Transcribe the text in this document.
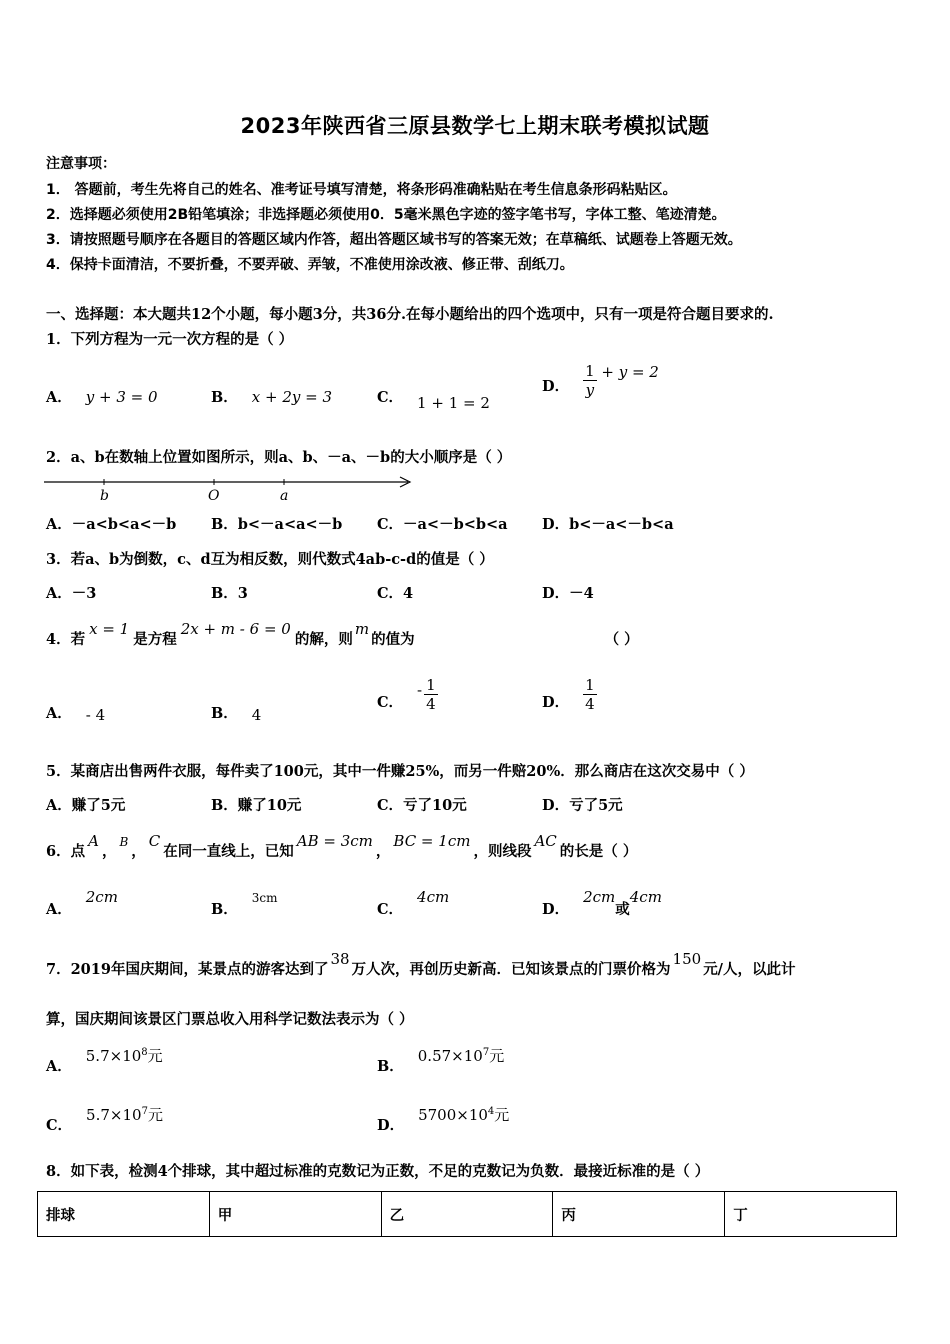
2023年陕西省三原县数学七上期末联考模拟试题
注意事项：
1． 答题前，考生先将自己的姓名、准考证号填写清楚，将条形码准确粘贴在考生信息条形码粘贴区。
2．选择题必须使用2B铅笔填涂；非选择题必须使用0．5毫米黑色字迹的签字笔书写，字体工整、笔迹清楚。
3．请按照题号顺序在各题目的答题区域内作答，超出答题区域书写的答案无效；在草稿纸、试题卷上答题无效。
4．保持卡面清洁，不要折叠，不要弄破、弄皱，不准使用涂改液、修正带、刮纸刀。
一、选择题：本大题共12个小题，每小题3分，共36分.在每小题给出的四个选项中，只有一项是符合题目要求的.
1．下列方程为一元一次方程的是（ ）
A． y + 3 = 0	B． x + 2y = 3	C． 1 + 1 = 2
D． $\frac{1}{y} + y = 2$
2．a、b在数轴上位置如图所示，则a、b、－a、－b的大小顺序是（ ）
b	O	a
A．－a<b<a<－b B．b<－a<a<－b C．－a<－b<b<a D．b<－a<－b<a
3．若a、b为倒数，c、d互为相反数，则代数式4ab-c-d的值是（ ）
A．－3	B．3	C．4	D．－4
4．若x = 1是方程2x + m - 6 = 0的解，则m的值为	（ ）
A． - 4	B． 4
C．- $\frac{1}{4}$	D． $\frac{1}{4}$
5．某商店出售两件衣服，每件卖了100元，其中一件赚25%，而另一件赔20%．那么商店在这次交易中（ ）
A．赚了5元	B．赚了10元	C．亏了10元	D．亏了5元
6．点A，$^B$，C在同一直线上，已知AB = 3cm，BC = 1cm，则线段AC的长是（ ）
A．2cm
B．$^{3cm}$
C．4cm
D．2cm或4cm
7．2019年国庆期间，某景点的游客达到了38万人次，再创历史新高．已知该景点的门票价格为150元/人，以此计
算，国庆期间该景区门票总收入用科学记数法表示为（ ）
A．$5.7\times 10^8$元
B．$0.57\times 10^7$元
C．$5.7\times 10^7$元
D．$5700\times 10^4$元
8．如下表，检测4个排球，其中超过标准的克数记为正数，不足的克数记为负数．最接近标准的是（ ）
排球	甲	乙	丙	丁
